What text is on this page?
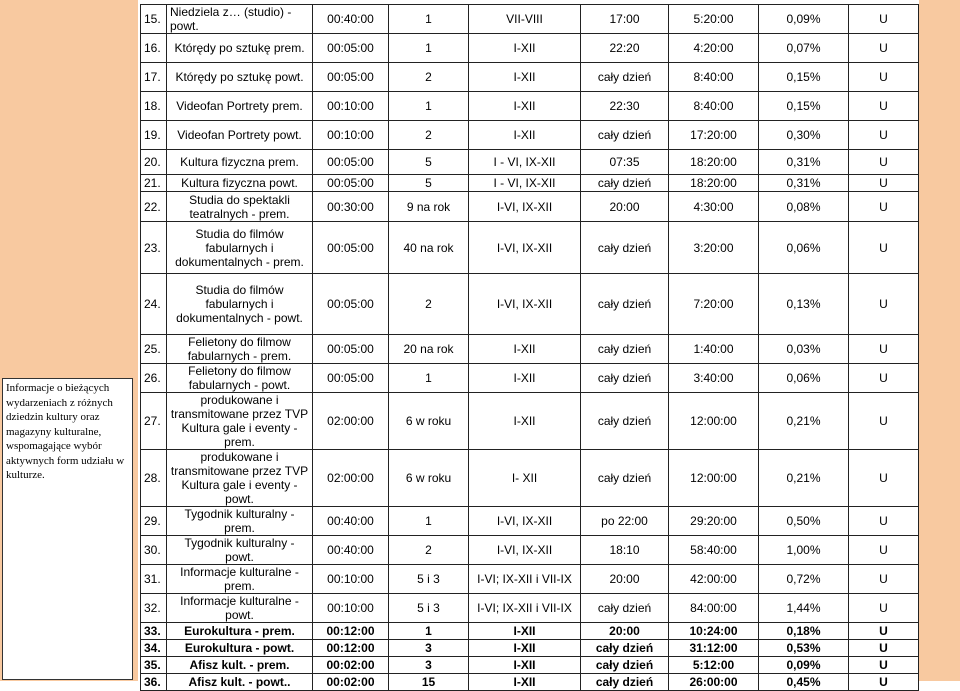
Informacje o bieżących wydarzeniach z różnych dziedzin kultury oraz magazyny kulturalne, wspomagające wybór aktywnych form udziału w kulturze.
15.	Niedziela z… (studio) - powt.	00:40:00	1	VII-VIII	17:00	5:20:00	0,09%	U
16.	Którędy po sztukę prem.	00:05:00	1	I-XII	22:20	4:20:00	0,07%	U
17.	Którędy po sztukę powt.	00:05:00	2	I-XII	cały dzień	8:40:00	0,15%	U
18.	Videofan Portrety prem.	00:10:00	1	I-XII	22:30	8:40:00	0,15%	U
19.	Videofan Portrety powt.	00:10:00	2	I-XII	cały dzień	17:20:00	0,30%	U
20.	Kultura fizyczna prem.	00:05:00	5	I - VI, IX-XII	07:35	18:20:00	0,31%	U
21.	Kultura fizyczna powt.	00:05:00	5	I - VI, IX-XII	cały dzień	18:20:00	0,31%	U
22.	Studia do spektakli teatralnych - prem.	00:30:00	9 na rok	I-VI, IX-XII	20:00	4:30:00	0,08%	U
23.	Studia do filmów fabularnych i dokumentalnych - prem.	00:05:00	40 na rok	I-VI, IX-XII	cały dzień	3:20:00	0,06%	U
24.	Studia do filmów fabularnych i dokumentalnych - powt.	00:05:00	2	I-VI, IX-XII	cały dzień	7:20:00	0,13%	U
25.	Felietony do filmow fabularnych - prem.	00:05:00	20 na rok	I-XII	cały dzień	1:40:00	0,03%	U
26.	Felietony do filmow fabularnych - powt.	00:05:00	1	I-XII	cały dzień	3:40:00	0,06%	U
27.	produkowane i transmitowane przez TVP Kultura gale i eventy - prem.	02:00:00	6 w roku	I-XII	cały dzień	12:00:00	0,21%	U
28.	produkowane i transmitowane przez TVP Kultura gale i eventy - powt.	02:00:00	6 w roku	I- XII	cały dzień	12:00:00	0,21%	U
29.	Tygodnik kulturalny - prem.	00:40:00	1	I-VI, IX-XII	po 22:00	29:20:00	0,50%	U
30.	Tygodnik kulturalny - powt.	00:40:00	2	I-VI, IX-XII	18:10	58:40:00	1,00%	U
31.	Informacje kulturalne - prem.	00:10:00	5 i 3	I-VI; IX-XII i VII-IX	20:00	42:00:00	0,72%	U
32.	Informacje kulturalne - powt.	00:10:00	5 i 3	I-VI; IX-XII i VII-IX	cały dzień	84:00:00	1,44%	U
33.	Eurokultura - prem.	00:12:00	1	I-XII	20:00	10:24:00	0,18%	U
34.	Eurokultura - powt.	00:12:00	3	I-XII	cały dzień	31:12:00	0,53%	U
35.	Afisz kult. - prem.	00:02:00	3	I-XII	cały dzień	5:12:00	0,09%	U
36.	Afisz kult. - powt..	00:02:00	15	I-XII	cały dzień	26:00:00	0,45%	U
